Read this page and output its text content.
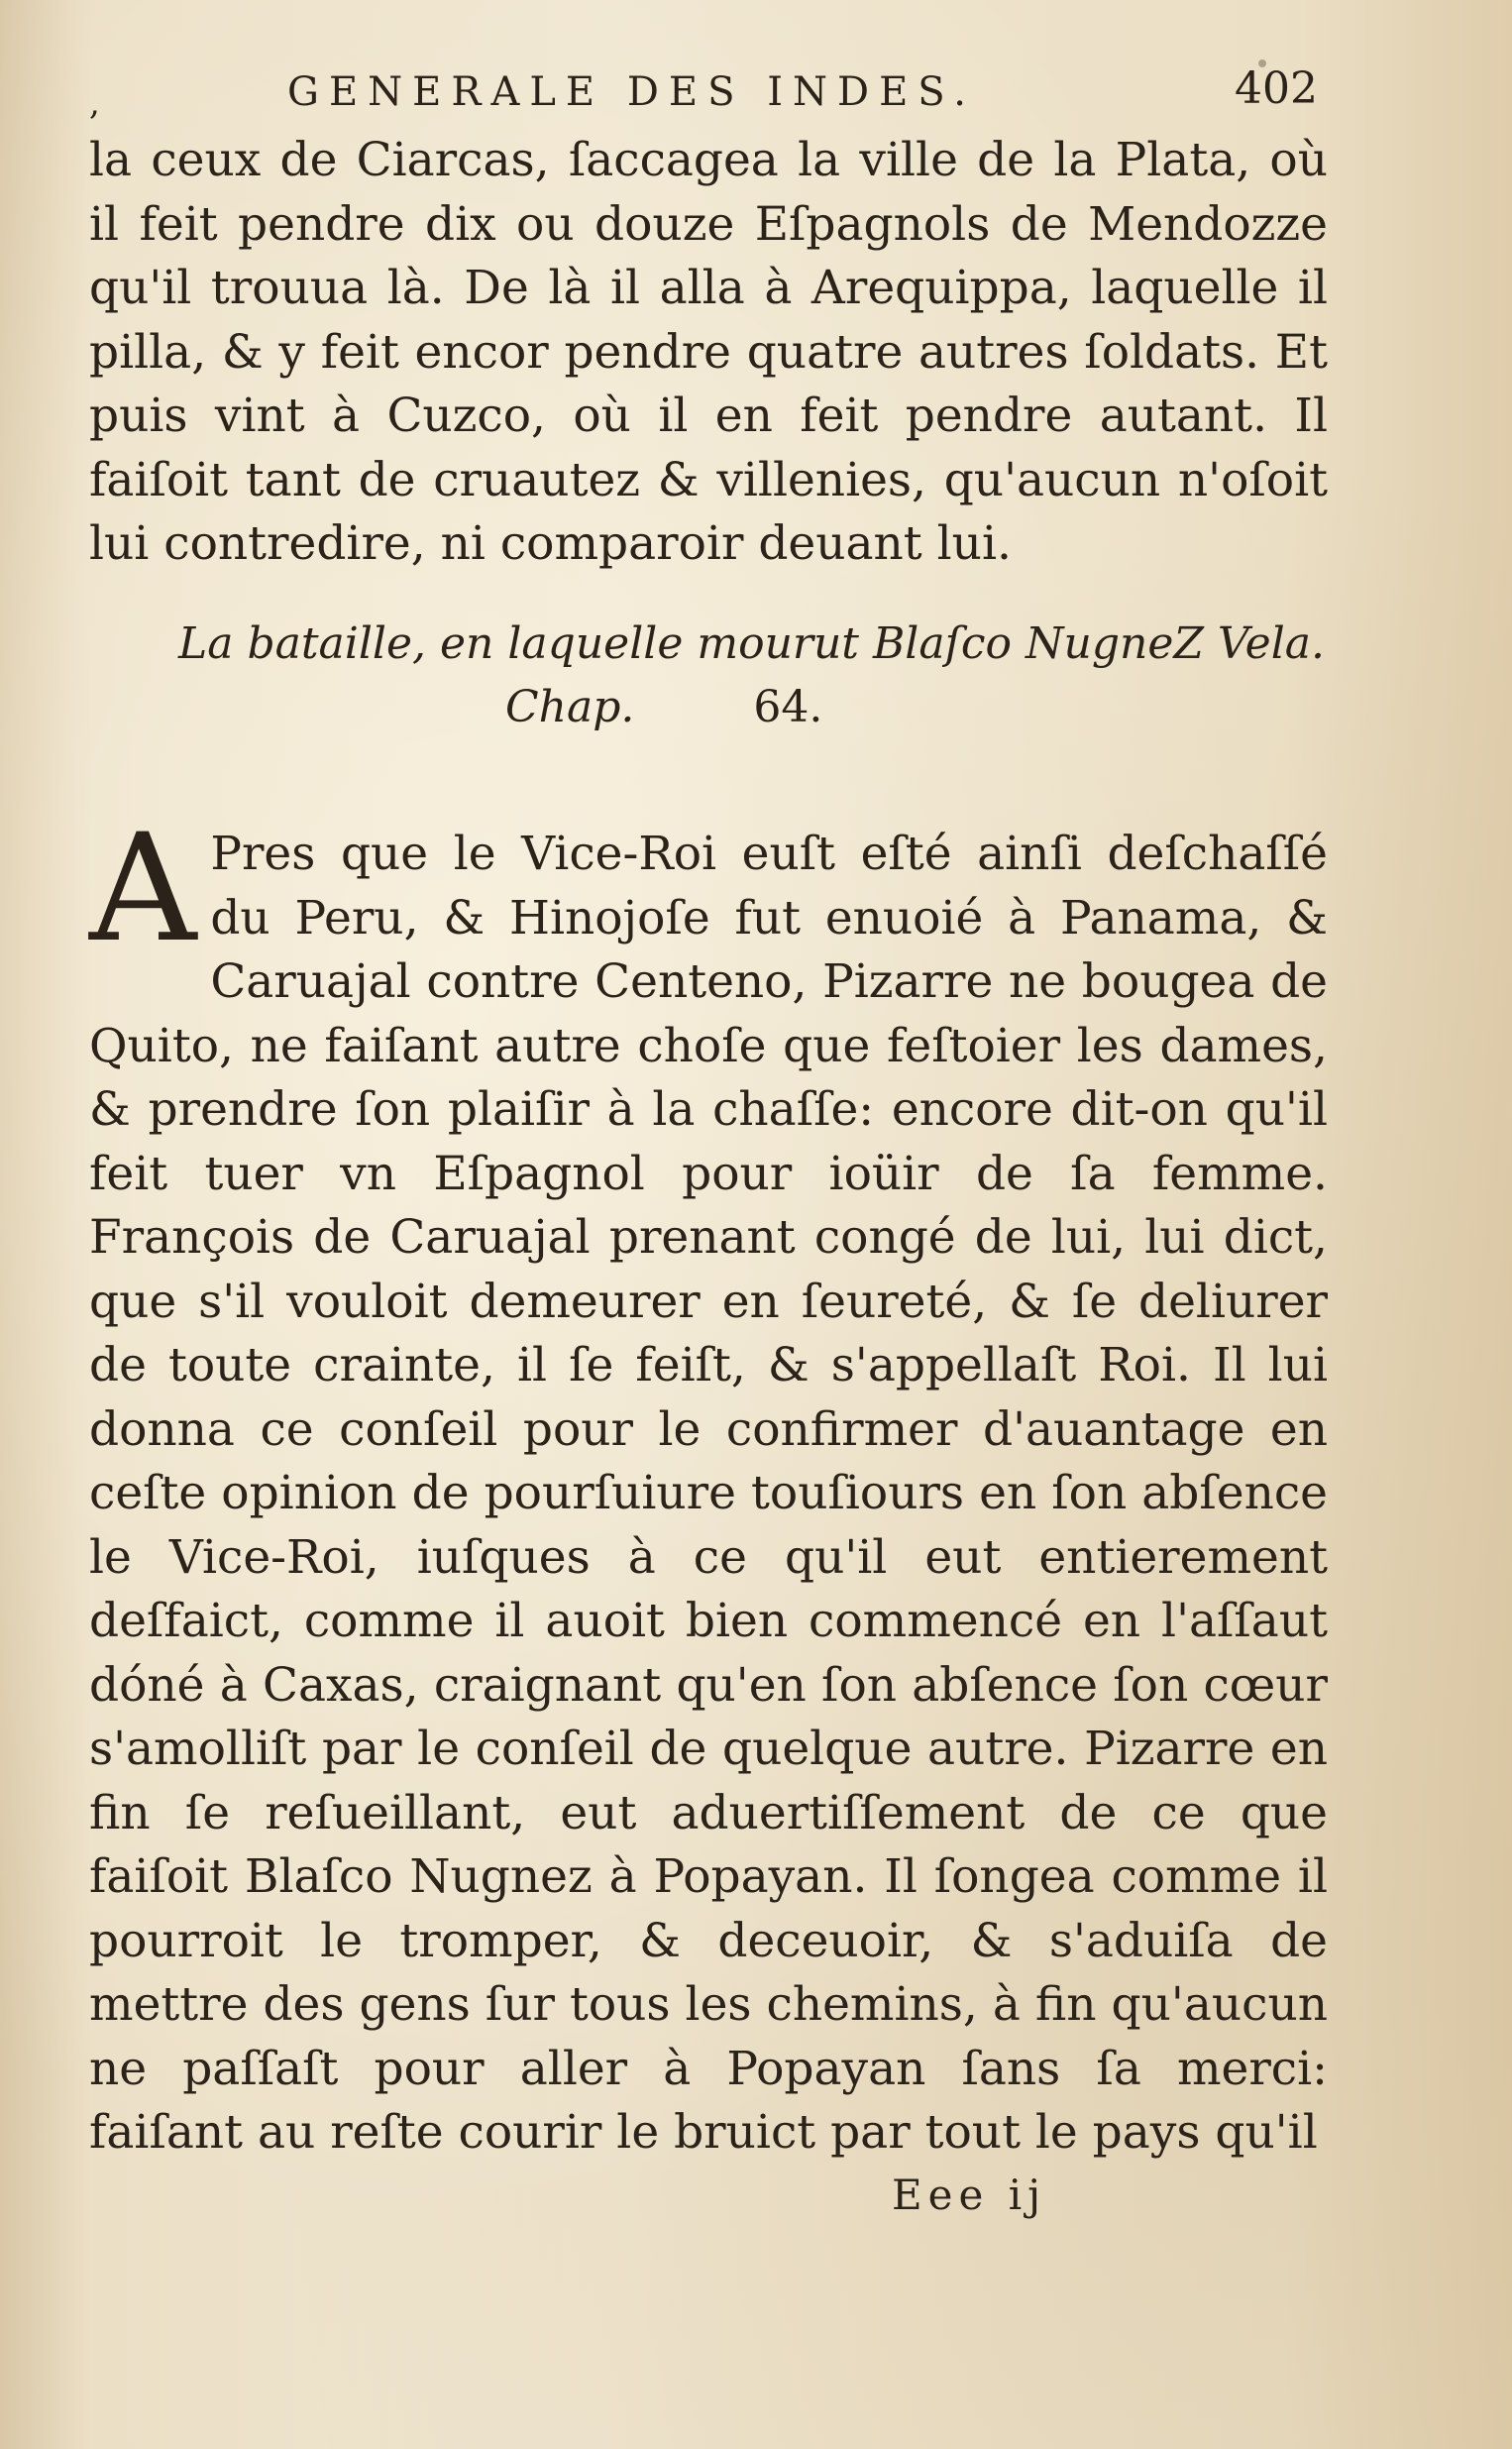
,	GENERALE DES INDES.	402

la ceux de Ciarcas, ſaccagea la ville de la Plata, où il feit pendre dix ou douze Eſpagnols de Mendozze qu'il trouua là. De là il alla à Arequippa, laquelle il pilla, & y feit encor pendre quatre autres ſoldats. Et puis vint à Cuzco, où il en feit pendre autant. Il faiſoit tant de cruautez & villenies, qu'aucun n'oſoit lui contredire, ni comparoir deuant lui.

La bataille, en laquelle mourut Blaſco NugneZ Vela.
Chap.	64.

A Pres que le Vice-Roi euſt eſté ainſi deſchaſſé du Peru, & Hinojoſe fut enuoié à Panama, & Caruajal contre Centeno, Pizarre ne bougea de Quito, ne faiſant autre choſe que feſtoier les dames, & prendre ſon plaiſir à la chaſſe: encore dit-on qu'il feit tuer vn Eſpagnol pour ioüir de ſa femme. François de Caruajal prenant congé de lui, lui dict, que s'il vouloit demeurer en ſeureté, & ſe deliurer de toute crainte, il ſe feiſt, & s'appellaſt Roi. Il lui donna ce conſeil pour le confirmer d'auantage en ceſte opinion de pourſuiure touſiours en ſon abſence le Vice-Roi, iuſques à ce qu'il eut entierement deſfaict, comme il auoit bien commencé en l'aſſaut dóné à Caxas, craignant qu'en ſon abſence ſon cœur s'amolliſt par le conſeil de quelque autre. Pizarre en fin ſe reſueillant, eut aduertiſſement de ce que faiſoit Blaſco Nugnez à Popayan. Il ſongea comme il pourroit le tromper, & deceuoir, & s'aduiſa de mettre des gens ſur tous les chemins, à fin qu'aucun ne paſſaſt pour aller à Popayan ſans ſa merci: faiſant au reſte courir le bruict par tout le pays qu'il

Eee ij
